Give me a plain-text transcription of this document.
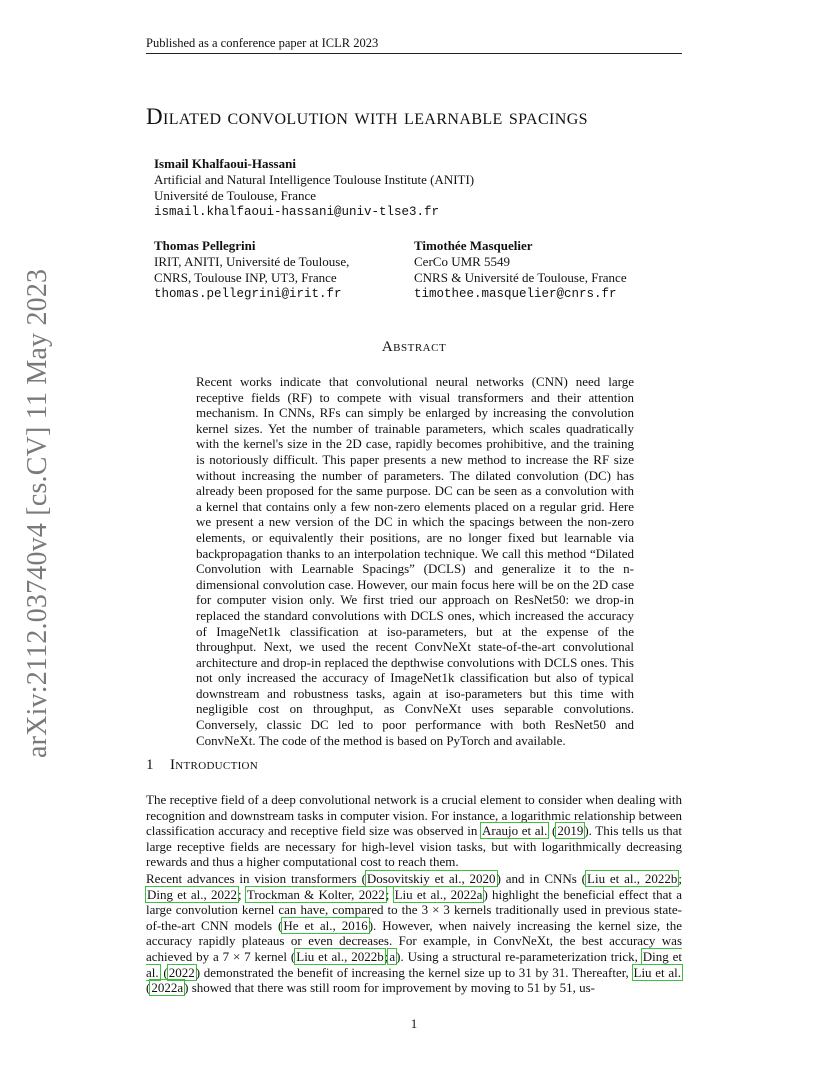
Published as a conference paper at ICLR 2023
arXiv:2112.03740v4 [cs.CV] 11 May 2023
Dilated convolution with learnable spacings
Ismail Khalfaoui-Hassani
Artificial and Natural Intelligence Toulouse Institute (ANITI)
Université de Toulouse, France
ismail.khalfaoui-hassani@univ-tlse3.fr
Thomas Pellegrini
IRIT, ANITI, Université de Toulouse,
CNRS, Toulouse INP, UT3, France
thomas.pellegrini@irit.fr
Timothée Masquelier
CerCo UMR 5549
CNRS & Université de Toulouse, France
timothee.masquelier@cnrs.fr
Abstract
Recent works indicate that convolutional neural networks (CNN) need large receptive fields (RF) to compete with visual transformers and their attention mechanism. In CNNs, RFs can simply be enlarged by increasing the convolution kernel sizes. Yet the number of trainable parameters, which scales quadratically with the kernel's size in the 2D case, rapidly becomes prohibitive, and the training is notoriously difficult. This paper presents a new method to increase the RF size without increasing the number of parameters. The dilated convolution (DC) has already been proposed for the same purpose. DC can be seen as a convolution with a kernel that contains only a few non-zero elements placed on a regular grid. Here we present a new version of the DC in which the spacings between the non-zero elements, or equivalently their positions, are no longer fixed but learnable via backpropagation thanks to an interpolation technique. We call this method “Dilated Convolution with Learnable Spacings” (DCLS) and generalize it to the n-dimensional convolution case. However, our main focus here will be on the 2D case for computer vision only. We first tried our approach on ResNet50: we drop-in replaced the standard convolutions with DCLS ones, which increased the accuracy of ImageNet1k classification at iso-parameters, but at the expense of the throughput. Next, we used the recent ConvNeXt state-of-the-art convolutional architecture and drop-in replaced the depthwise convolutions with DCLS ones. This not only increased the accuracy of ImageNet1k classification but also of typical downstream and robustness tasks, again at iso-parameters but this time with negligible cost on throughput, as ConvNeXt uses separable convolutions. Conversely, classic DC led to poor performance with both ResNet50 and ConvNeXt. The code of the method is based on PyTorch and available.
1 Introduction
The receptive field of a deep convolutional network is a crucial element to consider when dealing with recognition and downstream tasks in computer vision. For instance, a logarithmic relationship between classification accuracy and receptive field size was observed in Araujo et al. (2019). This tells us that large receptive fields are necessary for high-level vision tasks, but with logarithmically decreasing rewards and thus a higher computational cost to reach them.
Recent advances in vision transformers (Dosovitskiy et al., 2020) and in CNNs (Liu et al., 2022b; Ding et al., 2022; Trockman & Kolter, 2022; Liu et al., 2022a) highlight the beneficial effect that a large convolution kernel can have, compared to the 3 × 3 kernels traditionally used in previous state-of-the-art CNN models (He et al., 2016). However, when naively increasing the kernel size, the accuracy rapidly plateaus or even decreases. For example, in ConvNeXt, the best accuracy was achieved by a 7 × 7 kernel (Liu et al., 2022b;a). Using a structural re-parameterization trick, Ding et al. (2022) demonstrated the benefit of increasing the kernel size up to 31 by 31. Thereafter, Liu et al. (2022a) showed that there was still room for improvement by moving to 51 by 51, us-
1
